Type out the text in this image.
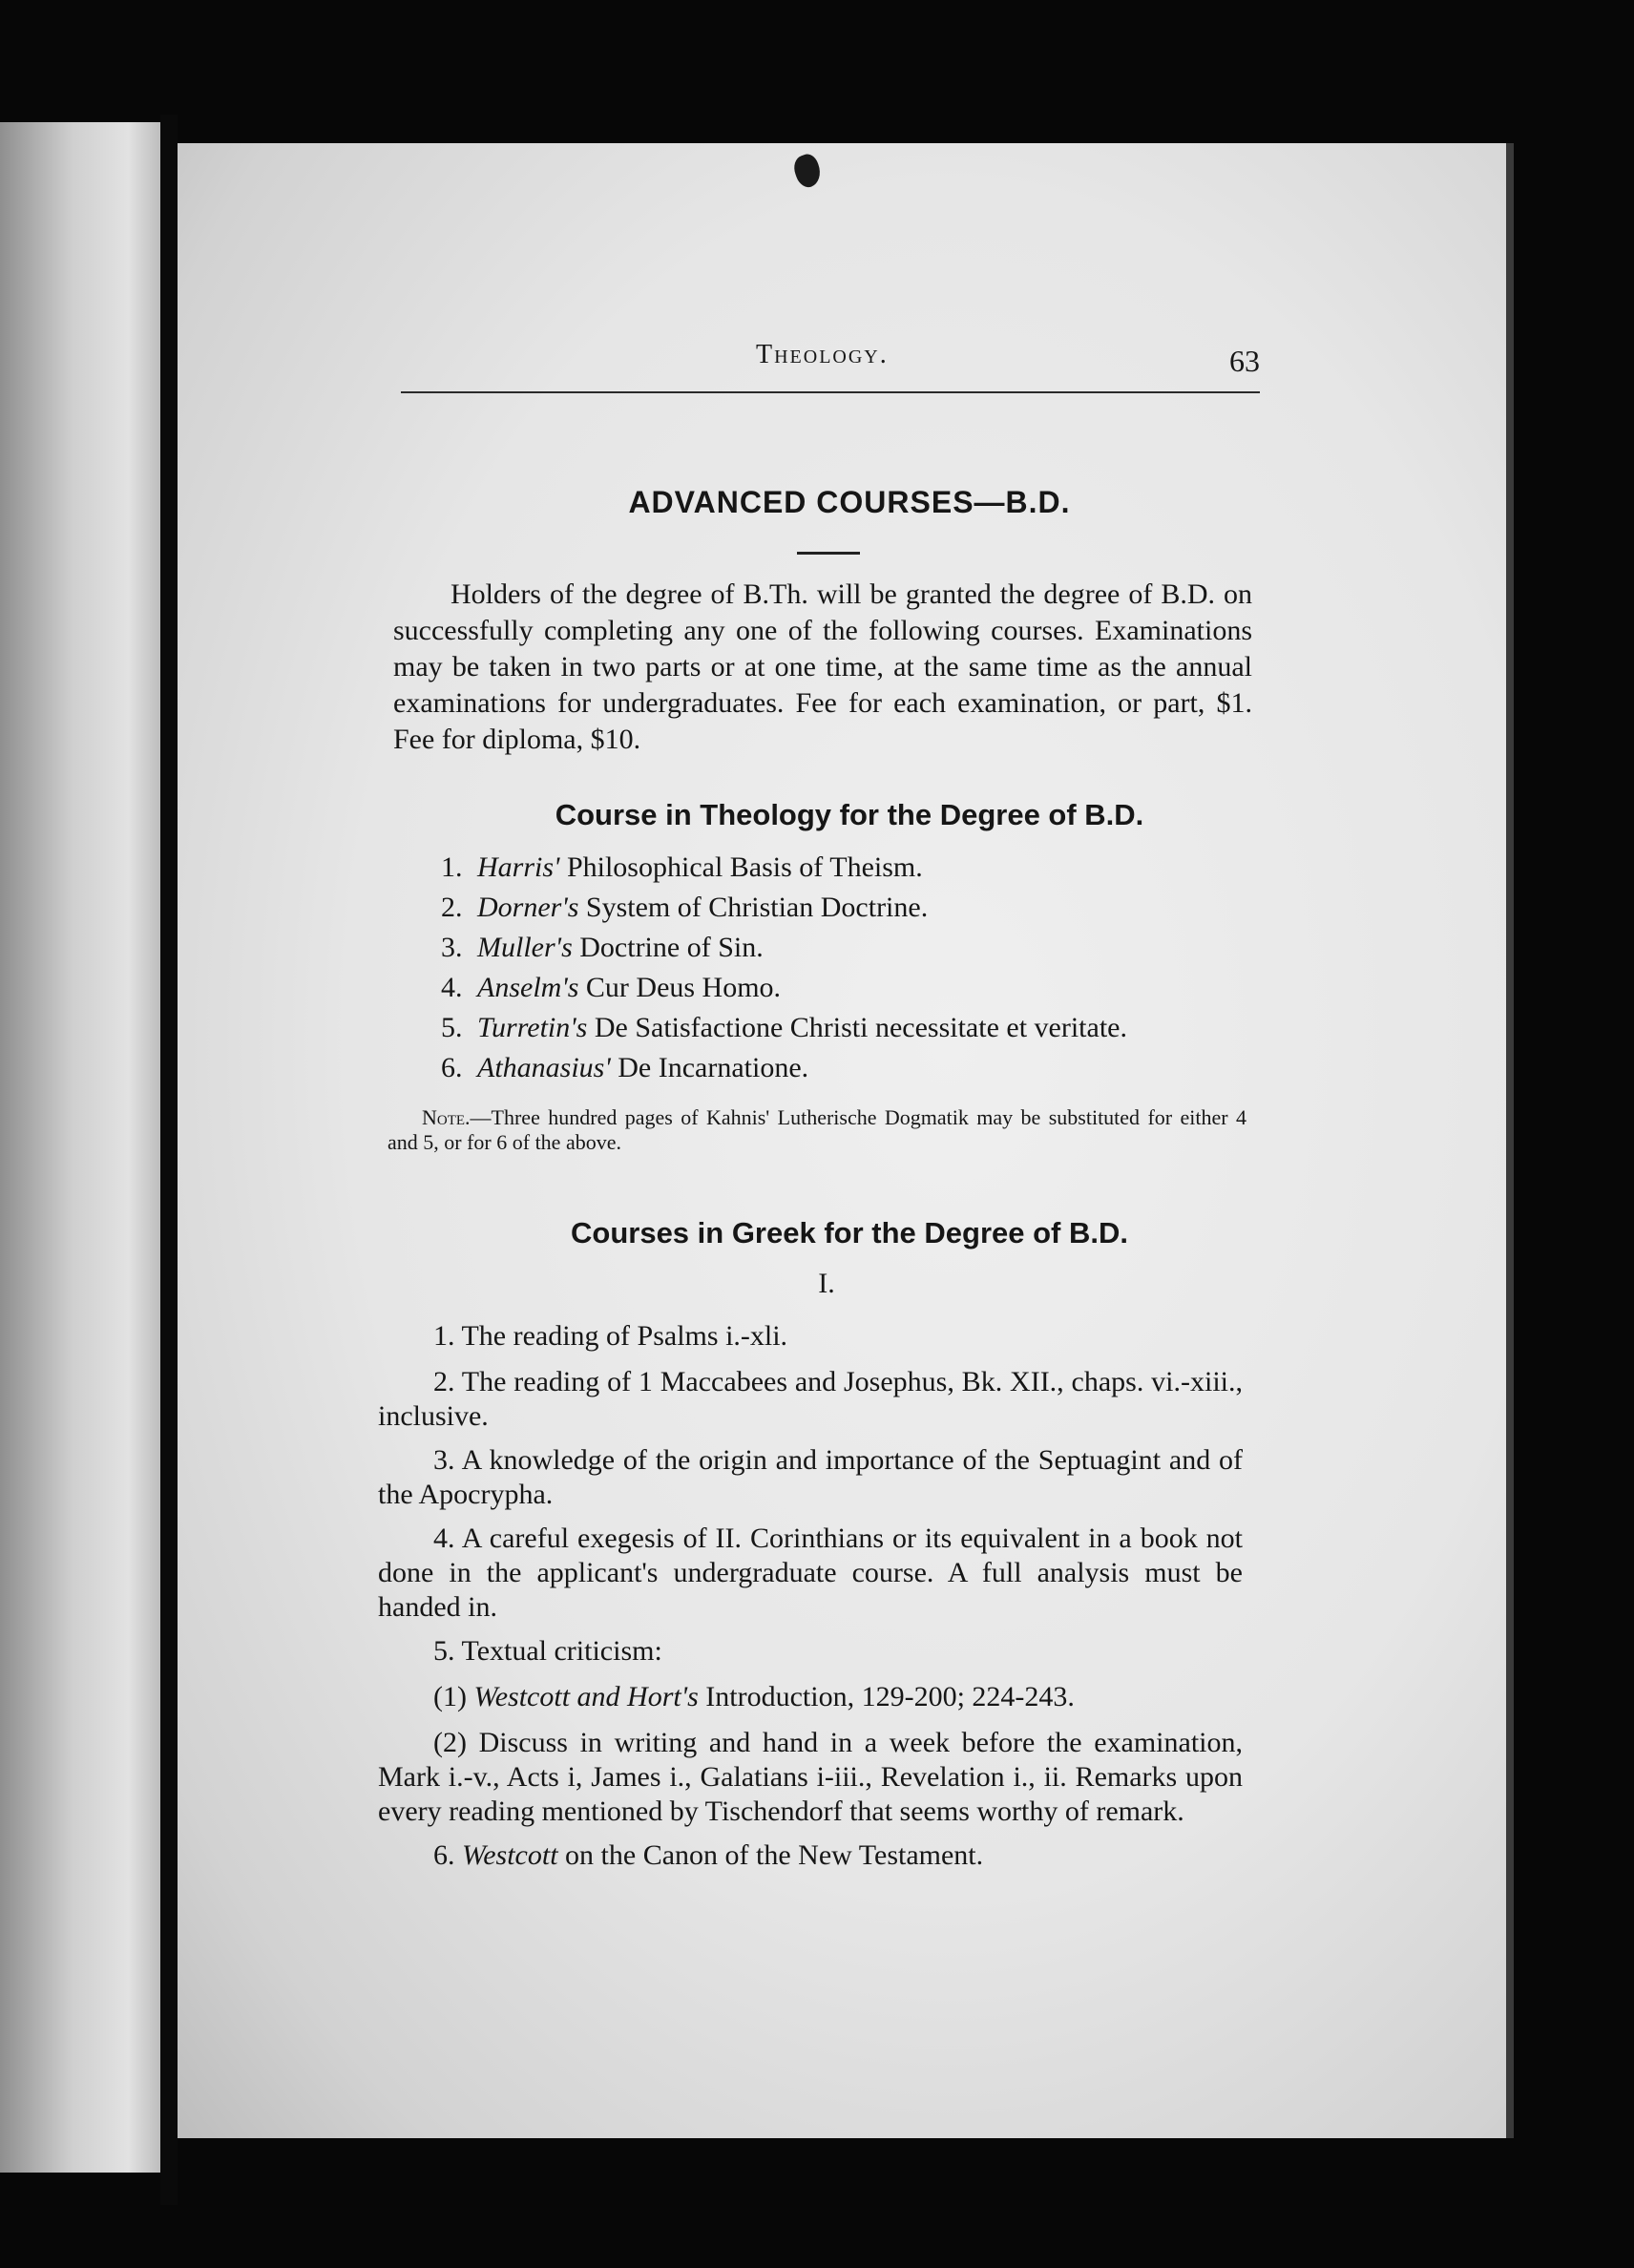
Theology.	63
ADVANCED COURSES—B.D.

Holders of the degree of B.Th. will be granted the degree of B.D. on successfully completing any one of the following courses. Examinations may be taken in two parts or at one time, at the same time as the annual examinations for undergraduates. Fee for each examination, or part, $1. Fee for diploma, $10.

Course in Theology for the Degree of B.D.
1. Harris' Philosophical Basis of Theism.
2. Dorner's System of Christian Doctrine.
3. Muller's Doctrine of Sin.
4. Anselm's Cur Deus Homo.
5. Turretin's De Satisfactione Christi necessitate et veritate.
6. Athanasius' De Incarnatione.

Note.—Three hundred pages of Kahnis' Lutherische Dogmatik may be substituted for either 4 and 5, or for 6 of the above.

Courses in Greek for the Degree of B.D.
I.

1. The reading of Psalms i.-xli.

2. The reading of 1 Maccabees and Josephus, Bk. XII., chaps. vi.-xiii., inclusive.

3. A knowledge of the origin and importance of the Septuagint and of the Apocrypha.

4. A careful exegesis of II. Corinthians or its equivalent in a book not done in the applicant's undergraduate course. A full analysis must be handed in.

5. Textual criticism:

(1) Westcott and Hort's Introduction, 129-200; 224-243.

(2) Discuss in writing and hand in a week before the examination, Mark i.-v., Acts i, James i., Galatians i-iii., Revelation i., ii. Remarks upon every reading mentioned by Tischendorf that seems worthy of remark.

6. Westcott on the Canon of the New Testament.
